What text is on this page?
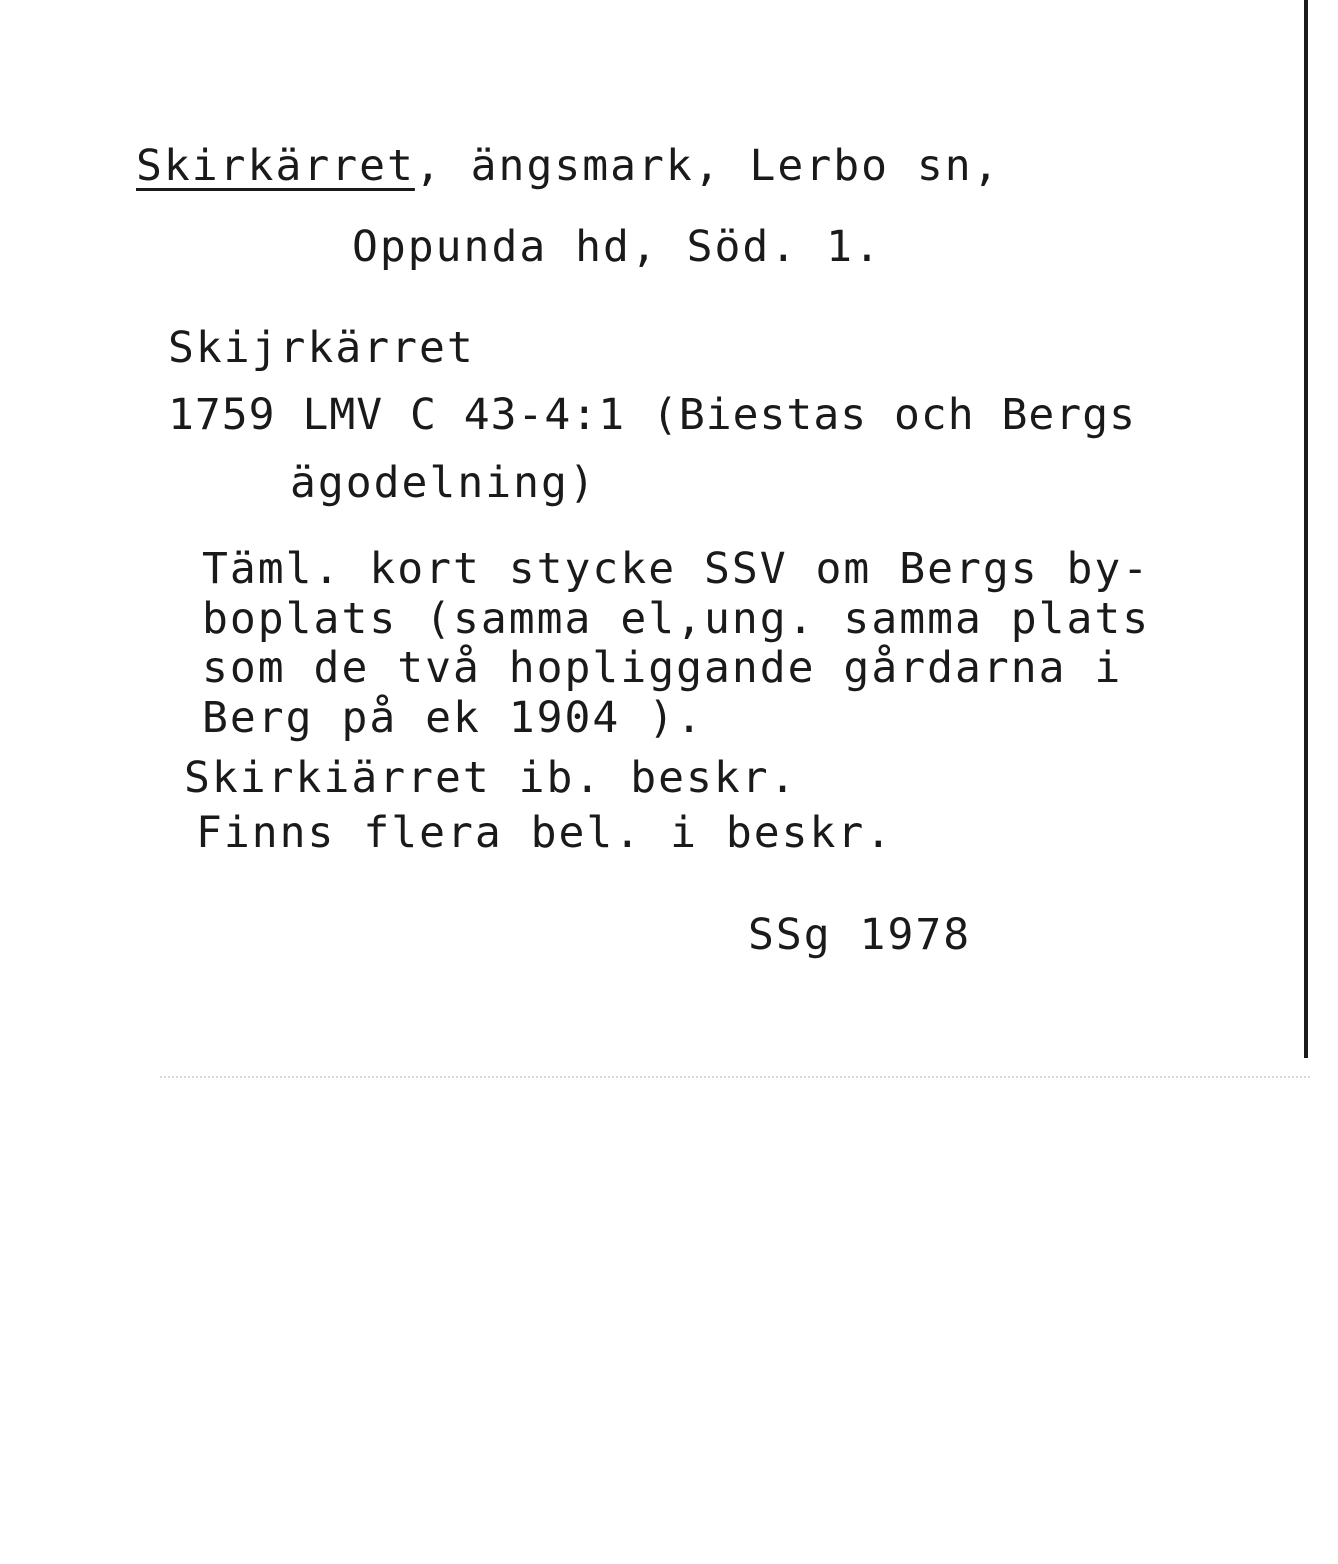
Skirkärret, ängsmark, Lerbo sn,
Oppunda hd, Söd. 1.
Skijrkärret
1759 LMV C 43-4:1 (Biestas och Bergs
ägodelning)
Täml. kort stycke SSV om Bergs by-
boplats (samma el,ung. samma plats
som de två hopliggande gårdarna i
Berg på ek 1904 ).
Skirkiärret ib. beskr.
Finns flera bel. i beskr.
SSg 1978
